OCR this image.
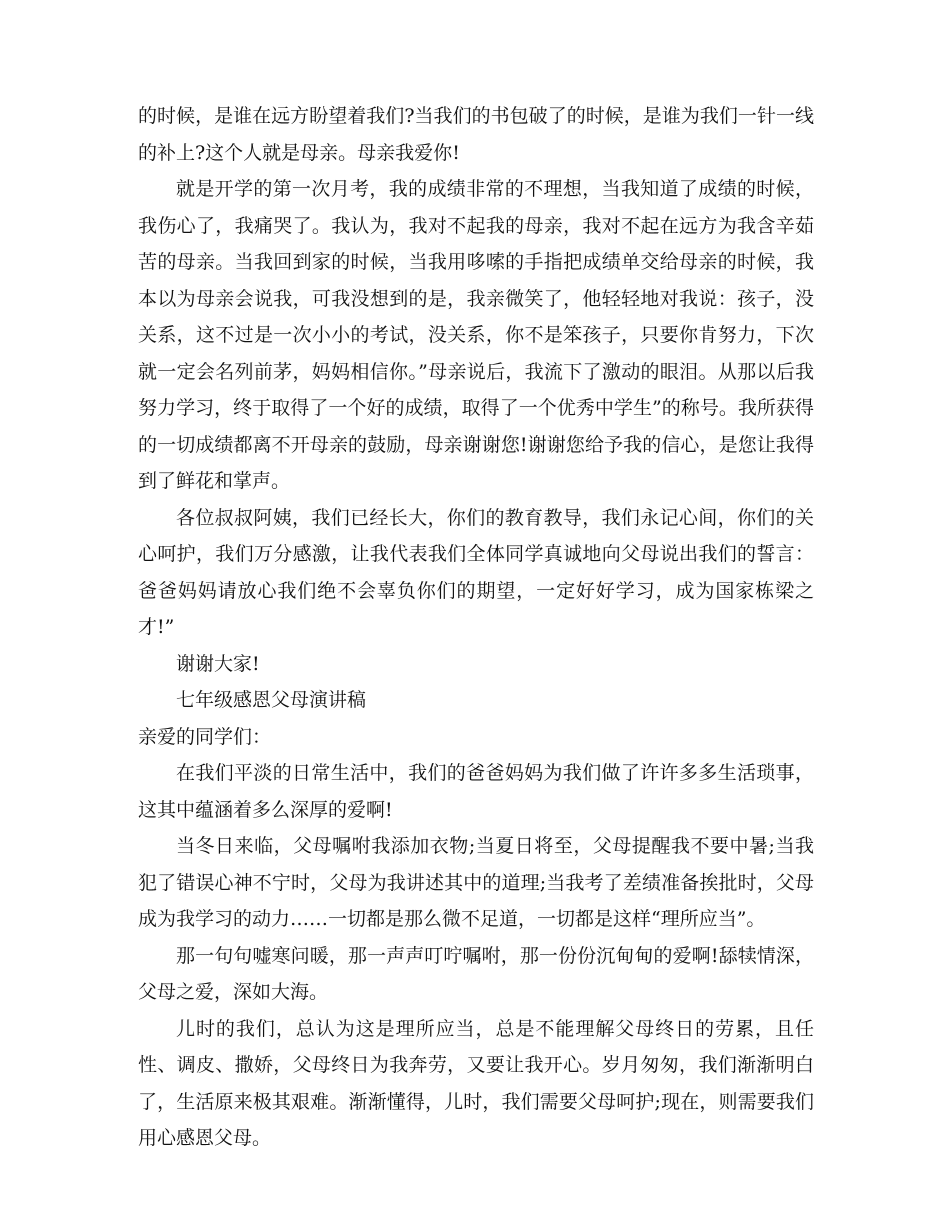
的时候，是谁在远方盼望着我们?当我们的书包破了的时候，是谁为我们一针一线的补上?这个人就是母亲。母亲我爱你!

就是开学的第一次月考，我的成绩非常的不理想，当我知道了成绩的时候，我伤心了，我痛哭了。我认为，我对不起我的母亲，我对不起在远方为我含辛茹苦的母亲。当我回到家的时候，当我用哆嗦的手指把成绩单交给母亲的时候，我本以为母亲会说我，可我没想到的是，我亲微笑了，他轻轻地对我说：孩子，没关系，这不过是一次小小的考试，没关系，你不是笨孩子，只要你肯努力，下次就一定会名列前茅，妈妈相信你。”母亲说后，我流下了激动的眼泪。从那以后我努力学习，终于取得了一个好的成绩，取得了一个优秀中学生”的称号。我所获得的一切成绩都离不开母亲的鼓励，母亲谢谢您!谢谢您给予我的信心，是您让我得到了鲜花和掌声。

各位叔叔阿姨，我们已经长大，你们的教育教导，我们永记心间，你们的关心呵护，我们万分感激，让我代表我们全体同学真诚地向父母说出我们的誓言：爸爸妈妈请放心我们绝不会辜负你们的期望，一定好好学习，成为国家栋梁之才!”

谢谢大家!

七年级感恩父母演讲稿

亲爱的同学们：

在我们平淡的日常生活中，我们的爸爸妈妈为我们做了许许多多生活琐事，这其中蕴涵着多么深厚的爱啊!

当冬日来临，父母嘱咐我添加衣物;当夏日将至，父母提醒我不要中暑;当我犯了错误心神不宁时，父母为我讲述其中的道理;当我考了差绩准备挨批时，父母成为我学习的动力……一切都是那么微不足道，一切都是这样“理所应当”。

那一句句嘘寒问暖，那一声声叮咛嘱咐，那一份份沉甸甸的爱啊!舔犊情深，父母之爱，深如大海。

儿时的我们，总认为这是理所应当，总是不能理解父母终日的劳累，且任性、调皮、撒娇，父母终日为我奔劳，又要让我开心。岁月匆匆，我们渐渐明白了，生活原来极其艰难。渐渐懂得，儿时，我们需要父母呵护;现在，则需要我们用心感恩父母。
